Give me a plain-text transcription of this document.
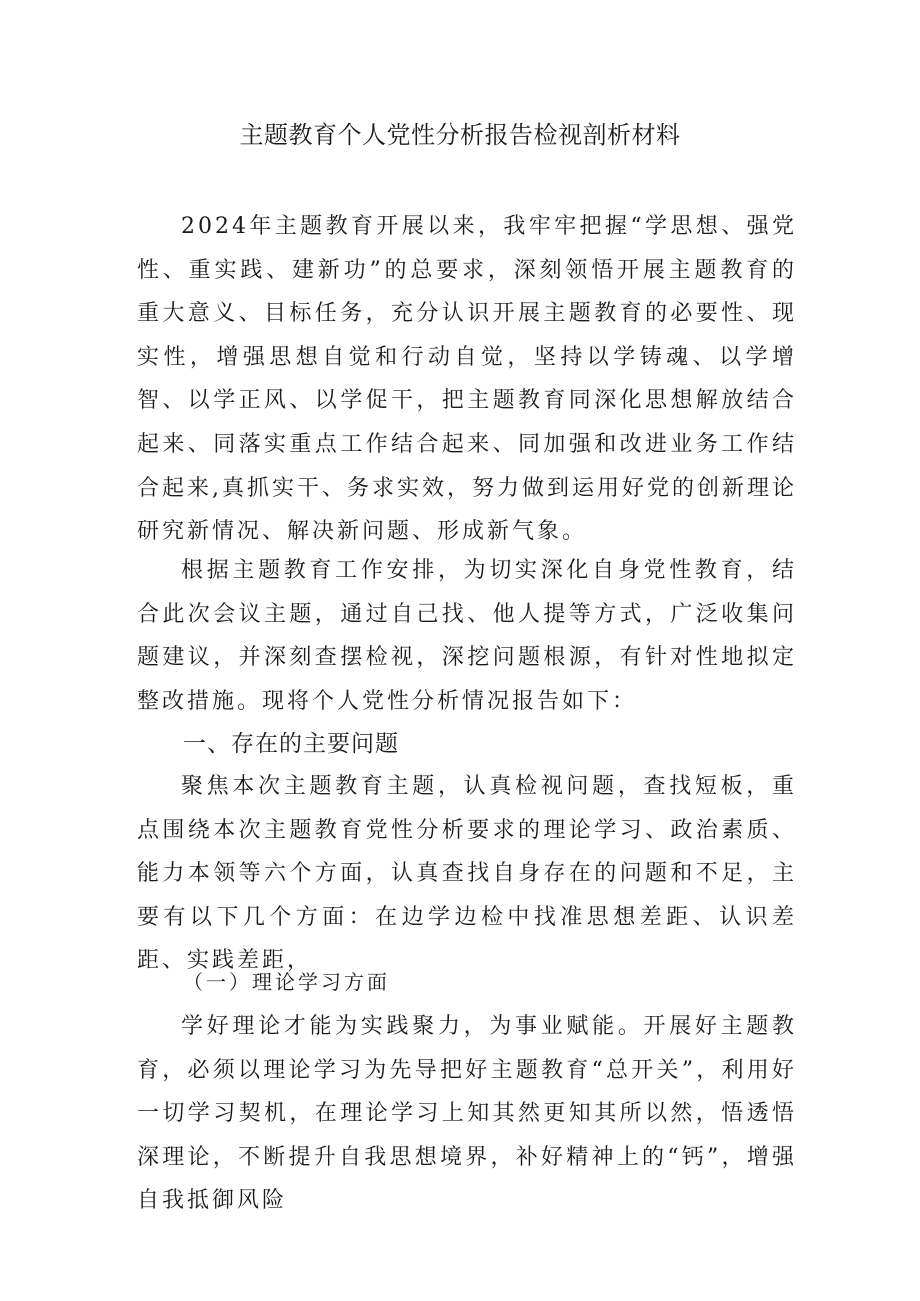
主题教育个人党性分析报告检视剖析材料

2024年主题教育开展以来，我牢牢把握“学思想、强党性、重实践、建新功”的总要求，深刻领悟开展主题教育的重大意义、目标任务，充分认识开展主题教育的必要性、现实性，增强思想自觉和行动自觉，坚持以学铸魂、以学增智、以学正风、以学促干，把主题教育同深化思想解放结合起来、同落实重点工作结合起来、同加强和改进业务工作结合起来,真抓实干、务求实效，努力做到运用好党的创新理论研究新情况、解决新问题、形成新气象。

根据主题教育工作安排，为切实深化自身党性教育，结合此次会议主题，通过自己找、他人提等方式，广泛收集问题建议，并深刻查摆检视，深挖问题根源，有针对性地拟定整改措施。现将个人党性分析情况报告如下：

一、存在的主要问题

聚焦本次主题教育主题，认真检视问题，查找短板，重点围绕本次主题教育党性分析要求的理论学习、政治素质、能力本领等六个方面，认真查找自身存在的问题和不足，主要有以下几个方面：在边学边检中找准思想差距、认识差距、实践差距，

（一）理论学习方面

学好理论才能为实践聚力，为事业赋能。开展好主题教育，必须以理论学习为先导把好主题教育“总开关”，利用好一切学习契机，在理论学习上知其然更知其所以然，悟透悟深理论，不断提升自我思想境界，补好精神上的“钙”，增强自我抵御风险
